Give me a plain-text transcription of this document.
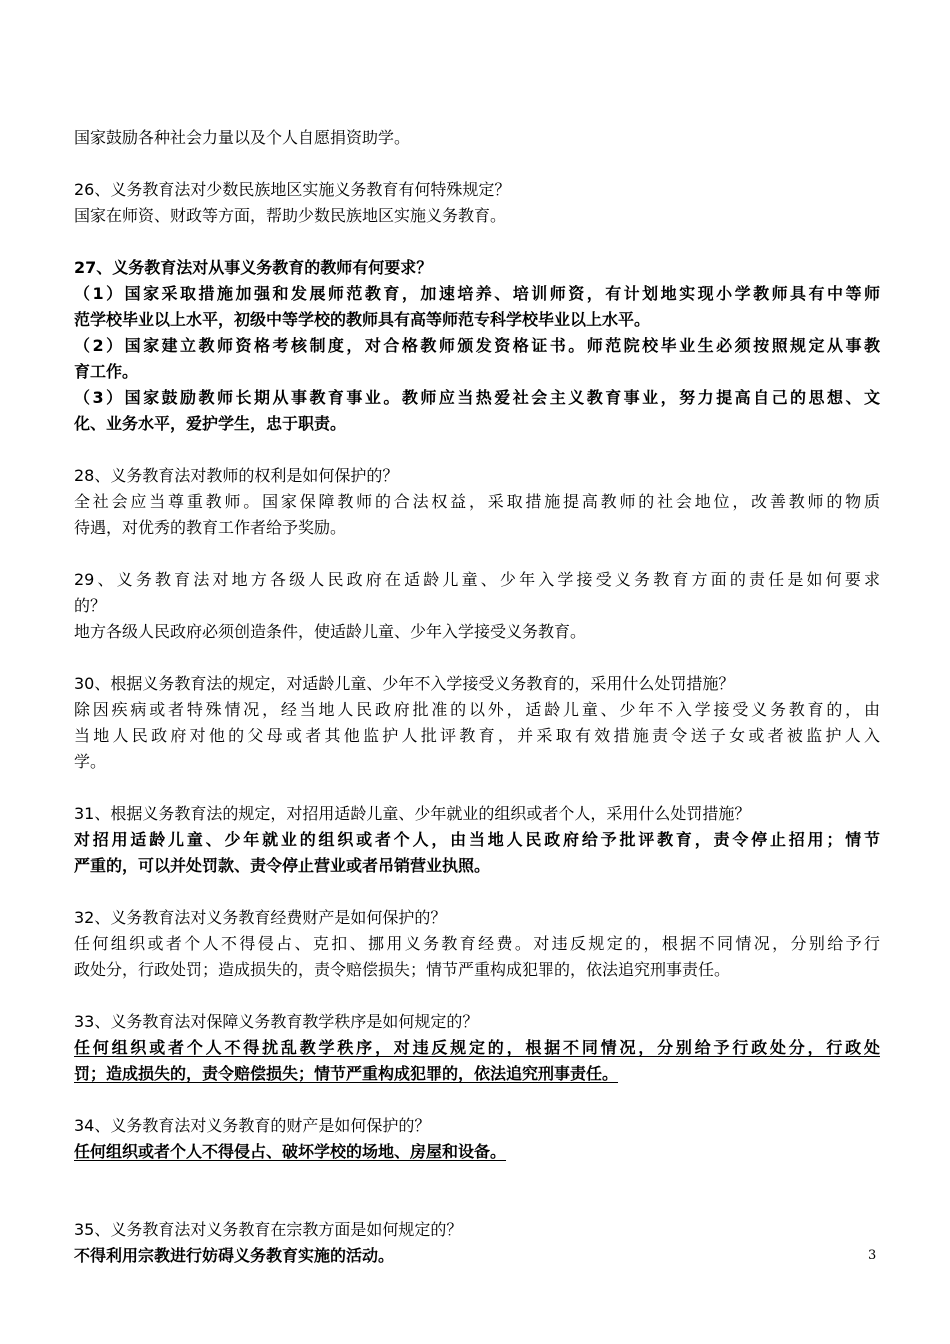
国家鼓励各种社会力量以及个人自愿捐资助学。
26、义务教育法对少数民族地区实施义务教育有何特殊规定？
国家在师资、财政等方面，帮助少数民族地区实施义务教育。
27、义务教育法对从事义务教育的教师有何要求？
（1）国家采取措施加强和发展师范教育，加速培养、培训师资，有计划地实现小学教师具有中等师
范学校毕业以上水平，初级中等学校的教师具有高等师范专科学校毕业以上水平。
（2）国家建立教师资格考核制度，对合格教师颁发资格证书。师范院校毕业生必须按照规定从事教
育工作。
（3）国家鼓励教师长期从事教育事业。教师应当热爱社会主义教育事业，努力提高自己的思想、文
化、业务水平，爱护学生，忠于职责。
28、义务教育法对教师的权利是如何保护的？
全社会应当尊重教师。国家保障教师的合法权益，采取措施提高教师的社会地位，改善教师的物质
待遇，对优秀的教育工作者给予奖励。
29、义务教育法对地方各级人民政府在适龄儿童、少年入学接受义务教育方面的责任是如何要求
的？
地方各级人民政府必须创造条件，使适龄儿童、少年入学接受义务教育。
30、根据义务教育法的规定，对适龄儿童、少年不入学接受义务教育的，采用什么处罚措施？
除因疾病或者特殊情况，经当地人民政府批准的以外，适龄儿童、少年不入学接受义务教育的，由
当地人民政府对他的父母或者其他监护人批评教育，并采取有效措施责令送子女或者被监护人入
学。
31、根据义务教育法的规定，对招用适龄儿童、少年就业的组织或者个人，采用什么处罚措施？
对招用适龄儿童、少年就业的组织或者个人，由当地人民政府给予批评教育，责令停止招用；情节
严重的，可以并处罚款、责令停止营业或者吊销营业执照。
32、义务教育法对义务教育经费财产是如何保护的？
任何组织或者个人不得侵占、克扣、挪用义务教育经费。对违反规定的，根据不同情况，分别给予行
政处分，行政处罚；造成损失的，责令赔偿损失；情节严重构成犯罪的，依法追究刑事责任。
33、义务教育法对保障义务教育教学秩序是如何规定的？
任何组织或者个人不得扰乱教学秩序，对违反规定的，根据不同情况，分别给予行政处分，行政处
罚；造成损失的，责令赔偿损失；情节严重构成犯罪的，依法追究刑事责任。
34、义务教育法对义务教育的财产是如何保护的？
任何组织或者个人不得侵占、破坏学校的场地、房屋和设备。
35、义务教育法对义务教育在宗教方面是如何规定的？
不得利用宗教进行妨碍义务教育实施的活动。	3
